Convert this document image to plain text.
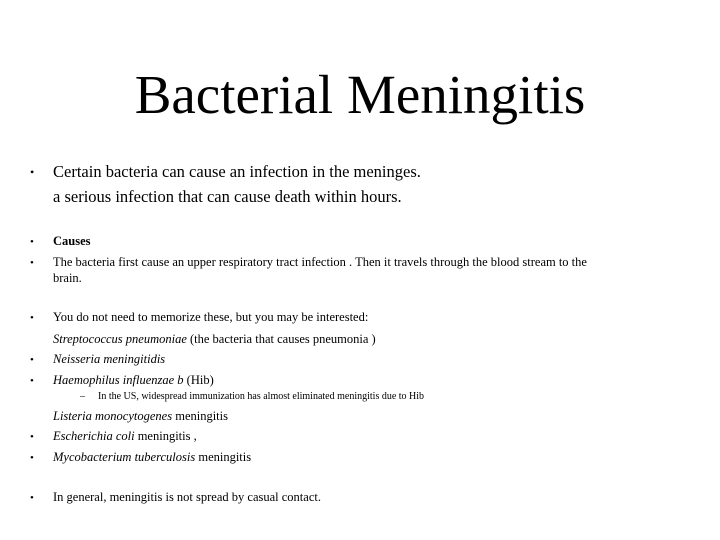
Bacterial Meningitis
• Certain bacteria can cause an infection in the meninges.
a serious infection that can cause death within hours.
• Causes
• The bacteria first cause an upper respiratory tract infection . Then it travels through the blood stream to the
brain.
• You do not need to memorize these, but you may be interested:
Streptococcus pneumoniae (the bacteria that causes pneumonia )
• Neisseria meningitidis
• Haemophilus influenzae b (Hib)
– In the US, widespread immunization has almost eliminated meningitis due to Hib
Listeria monocytogenes meningitis
• Escherichia coli meningitis ,
• Mycobacterium tuberculosis meningitis
• In general, meningitis is not spread by casual contact.
